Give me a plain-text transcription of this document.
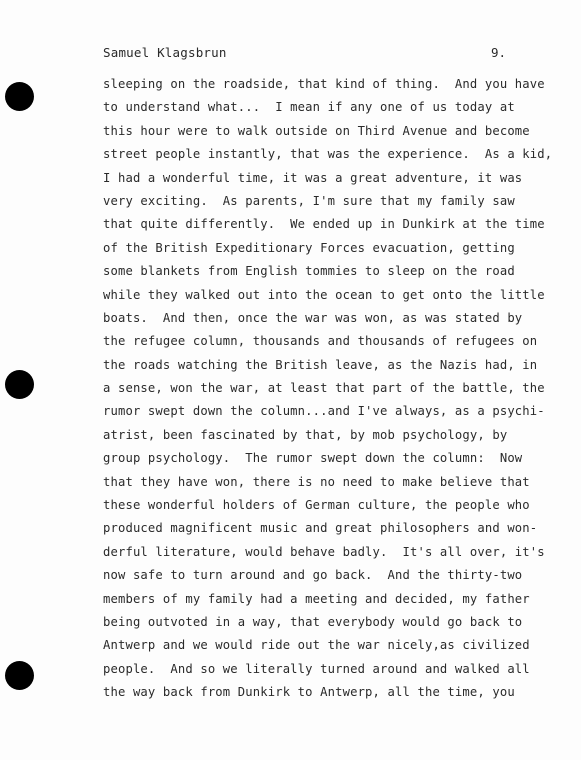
Samuel Klagsbrun	9.
sleeping on the roadside, that kind of thing.  And you have
to understand what...  I mean if any one of us today at
this hour were to walk outside on Third Avenue and become
street people instantly, that was the experience.  As a kid,
I had a wonderful time, it was a great adventure, it was
very exciting.  As parents, I'm sure that my family saw
that quite differently.  We ended up in Dunkirk at the time
of the British Expeditionary Forces evacuation, getting
some blankets from English tommies to sleep on the road
while they walked out into the ocean to get onto the little
boats.  And then, once the war was won, as was stated by
the refugee column, thousands and thousands of refugees on
the roads watching the British leave, as the Nazis had, in
a sense, won the war, at least that part of the battle, the
rumor swept down the column...and I've always, as a psychi-
atrist, been fascinated by that, by mob psychology, by
group psychology.  The rumor swept down the column:  Now
that they have won, there is no need to make believe that
these wonderful holders of German culture, the people who
produced magnificent music and great philosophers and won-
derful literature, would behave badly.  It's all over, it's
now safe to turn around and go back.  And the thirty-two
members of my family had a meeting and decided, my father
being outvoted in a way, that everybody would go back to
Antwerp and we would ride out the war nicely,as civilized
people.  And so we literally turned around and walked all
the way back from Dunkirk to Antwerp, all the time, you
